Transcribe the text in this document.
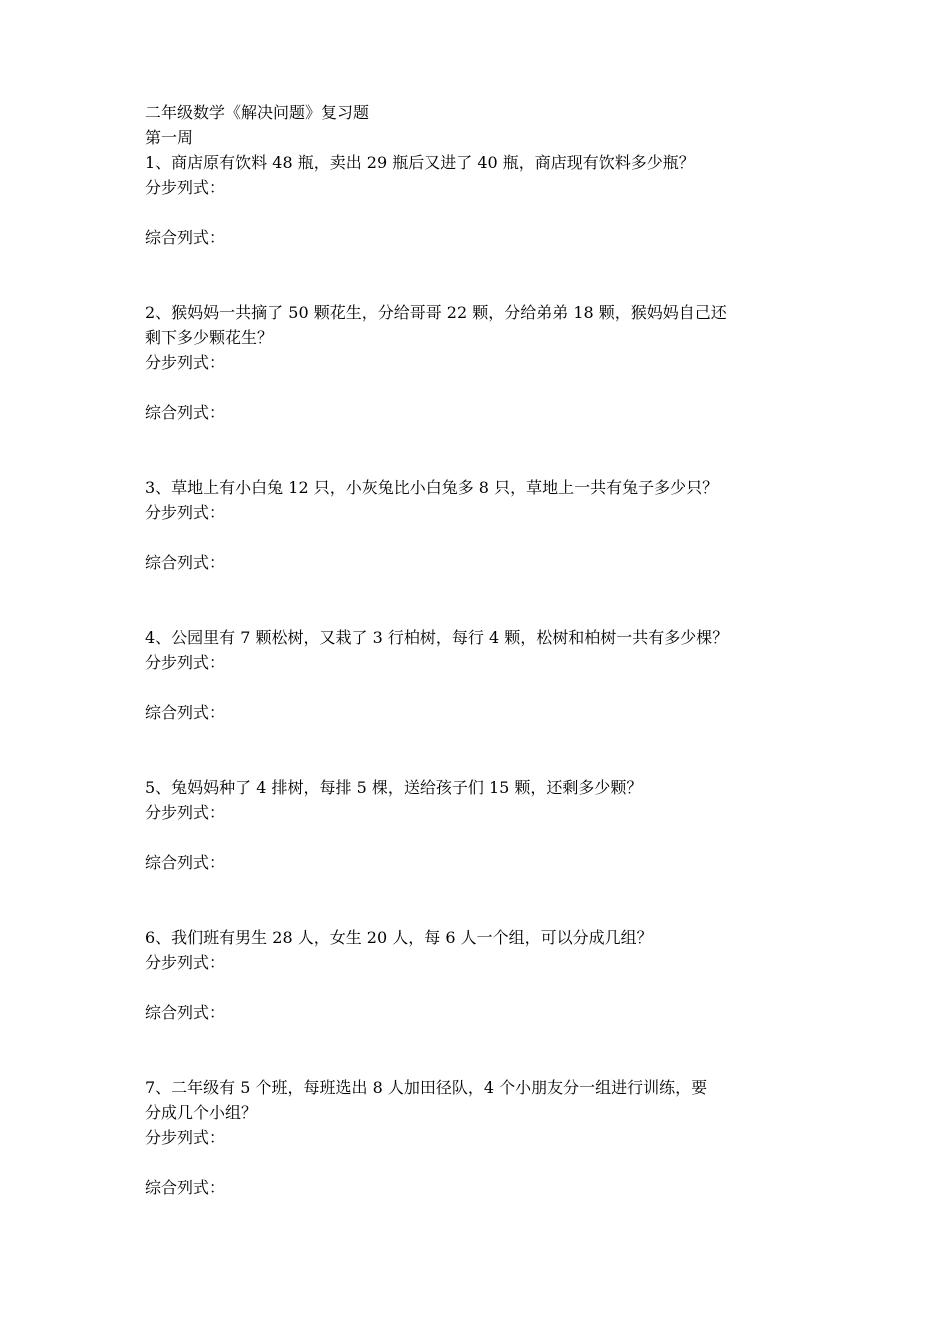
二年级数学《解决问题》复习题
第一周
1、商店原有饮料 48 瓶，卖出 29 瓶后又进了 40 瓶，商店现有饮料多少瓶？
分步列式：
综合列式：
2、猴妈妈一共摘了 50 颗花生，分给哥哥 22 颗，分给弟弟 18 颗，猴妈妈自己还
剩下多少颗花生？
分步列式：
综合列式：
3、草地上有小白兔 12 只，小灰兔比小白兔多 8 只，草地上一共有兔子多少只？
分步列式：
综合列式：
4、公园里有 7 颗松树，又栽了 3 行柏树，每行 4 颗，松树和柏树一共有多少棵？
分步列式：
综合列式：
5、兔妈妈种了 4 排树，每排 5 棵，送给孩子们 15 颗，还剩多少颗？
分步列式：
综合列式：
6、我们班有男生 28 人，女生 20 人，每 6 人一个组，可以分成几组？
分步列式：
综合列式：
7、二年级有 5 个班，每班选出 8 人加田径队，4 个小朋友分一组进行训练，要
分成几个小组？
分步列式：
综合列式：
